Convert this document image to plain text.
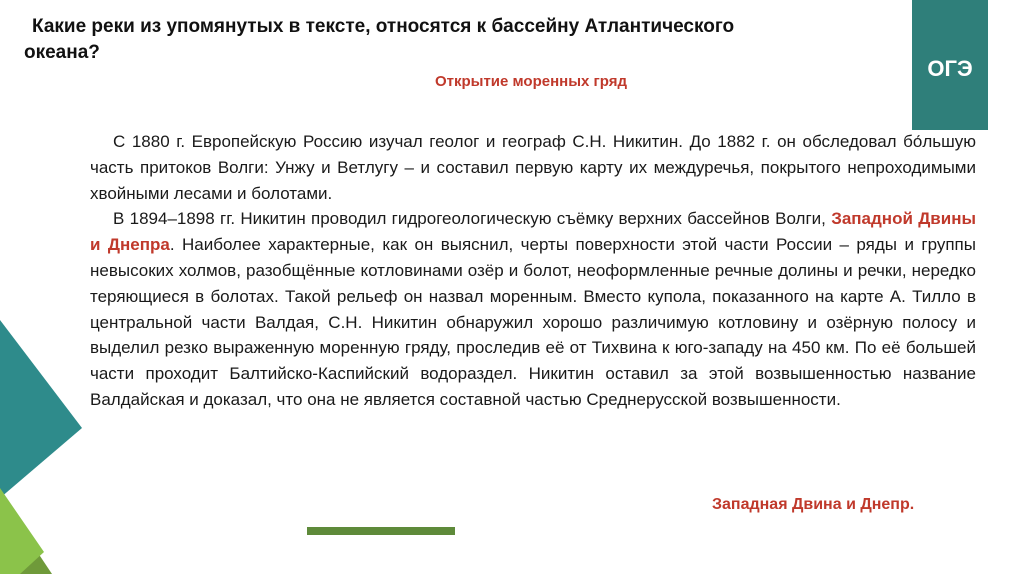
Какие реки из упомянутых в тексте, относятся к бассейну Атлантического
океана?
ОГЭ
Открытие моренных гряд

С 1880 г. Европейскую Россию изучал геолог и географ С.Н. Никитин. До 1882 г. он обследовал бо́льшую часть притоков Волги: Унжу и Ветлугу – и составил первую карту их междуречья, покрытого непроходимыми хвойными лесами и болотами.

В 1894–1898 гг. Никитин проводил гидрогеологическую съёмку верхних бассейнов Волги, Западной Двины и Днепра. Наиболее характерные, как он выяснил, черты поверхности этой части России – ряды и группы невысоких холмов, разобщённые котловинами озёр и болот, неоформленные речные долины и речки, нередко теряющиеся в болотах. Такой рельеф он назвал моренным. Вместо купола, показанного на карте А. Тилло в центральной части Валдая, С.Н. Никитин обнаружил хорошо различимую котловину и озёрную полосу и выделил резко выраженную моренную гряду, проследив её от Тихвина к юго-западу на 450 км. По её большей части проходит Балтийско-Каспийский водораздел. Никитин оставил за этой возвышенностью название Валдайская и доказал, что она не является составной частью Среднерусской возвышенности.

Западная Двина и Днепр.
